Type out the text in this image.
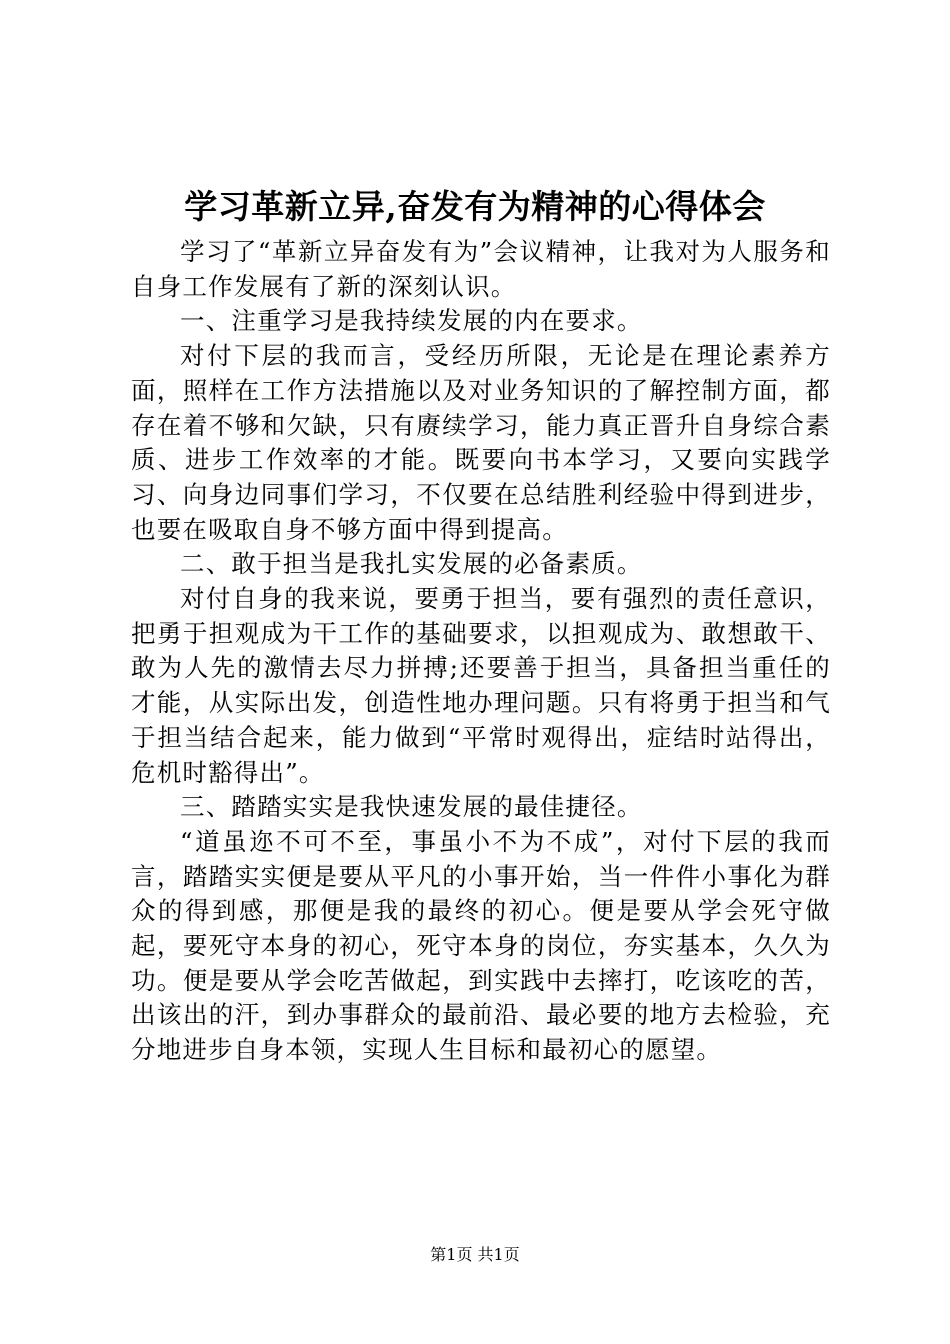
学习革新立异,奋发有为精神的心得体会

学习了“革新立异奋发有为”会议精神，让我对为人服务和自身工作发展有了新的深刻认识。

一、注重学习是我持续发展的内在要求。

对付下层的我而言，受经历所限，无论是在理论素养方面，照样在工作方法措施以及对业务知识的了解控制方面，都存在着不够和欠缺，只有赓续学习，能力真正晋升自身综合素质、进步工作效率的才能。既要向书本学习，又要向实践学习、向身边同事们学习，不仅要在总结胜利经验中得到进步，也要在吸取自身不够方面中得到提高。

二、敢于担当是我扎实发展的必备素质。

对付自身的我来说，要勇于担当，要有强烈的责任意识，把勇于担观成为干工作的基础要求，以担观成为、敢想敢干、敢为人先的激情去尽力拼搏;还要善于担当，具备担当重任的才能，从实际出发，创造性地办理问题。只有将勇于担当和气于担当结合起来，能力做到“平常时观得出，症结时站得出，危机时豁得出”。

三、踏踏实实是我快速发展的最佳捷径。

“道虽迩不可不至，事虽小不为不成”，对付下层的我而言，踏踏实实便是要从平凡的小事开始，当一件件小事化为群众的得到感，那便是我的最终的初心。便是要从学会死守做起，要死守本身的初心，死守本身的岗位，夯实基本，久久为功。便是要从学会吃苦做起，到实践中去摔打，吃该吃的苦，出该出的汗，到办事群众的最前沿、最必要的地方去检验，充分地进步自身本领，实现人生目标和最初心的愿望。

第1页 共1页
